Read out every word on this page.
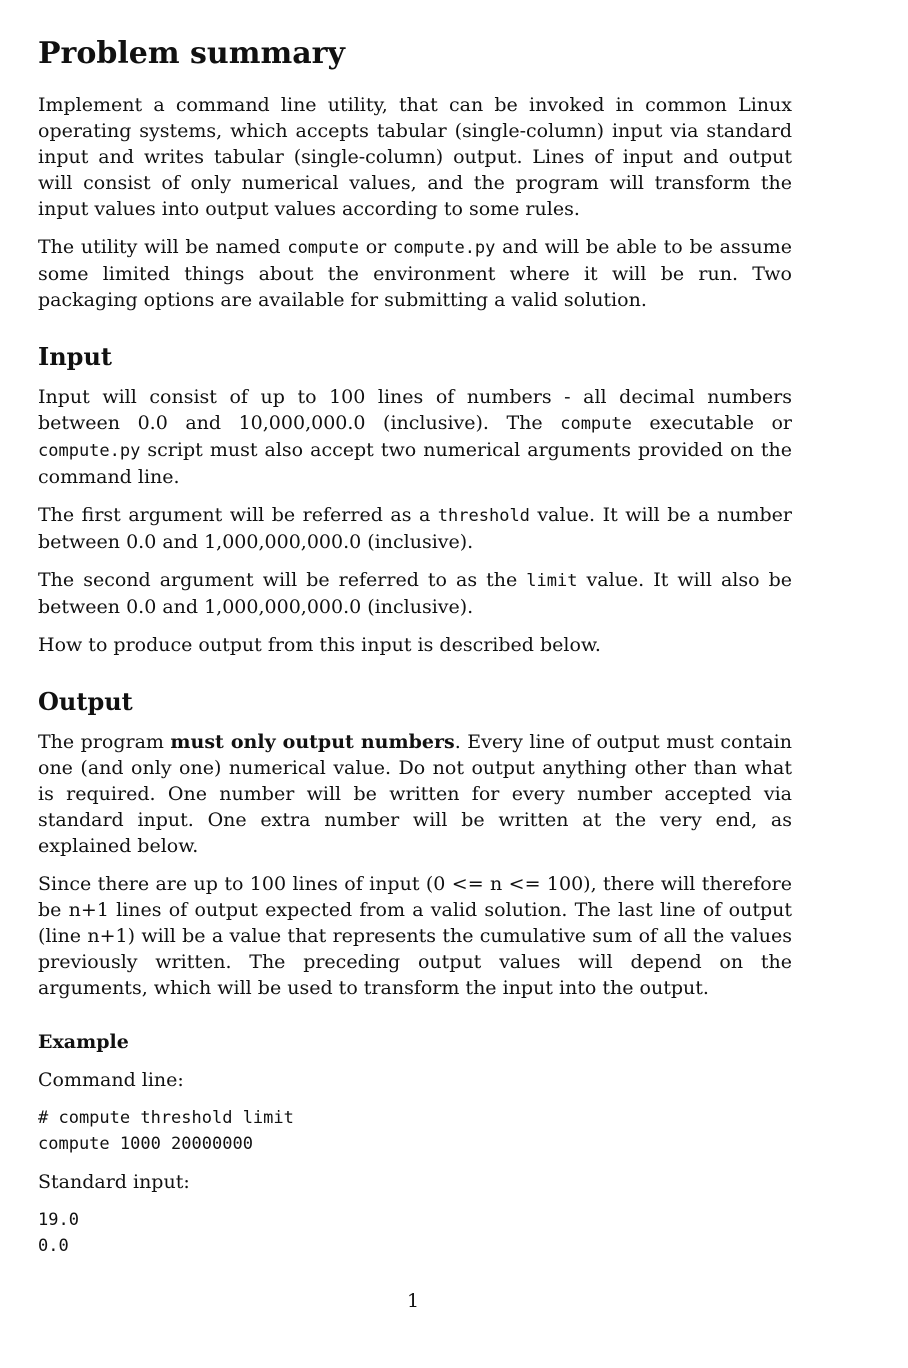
Problem summary

Implement a command line utility, that can be invoked in common Linux operating systems, which accepts tabular (single-column) input via standard input and writes tabular (single-column) output. Lines of input and output will consist of only numerical values, and the program will transform the input values into output values according to some rules.

The utility will be named compute or compute.py and will be able to be assume some limited things about the environment where it will be run. Two packaging options are available for submitting a valid solution.

Input

Input will consist of up to 100 lines of numbers - all decimal numbers between 0.0 and 10,000,000.0 (inclusive). The compute executable or compute.py script must also accept two numerical arguments provided on the command line.

The first argument will be referred as a threshold value. It will be a number between 0.0 and 1,000,000,000.0 (inclusive).

The second argument will be referred to as the limit value. It will also be between 0.0 and 1,000,000,000.0 (inclusive).

How to produce output from this input is described below.

Output

The program must only output numbers. Every line of output must contain one (and only one) numerical value. Do not output anything other than what is required. One number will be written for every number accepted via standard input. One extra number will be written at the very end, as explained below.

Since there are up to 100 lines of input (0 <= n <= 100), there will therefore be n+1 lines of output expected from a valid solution. The last line of output (line n+1) will be a value that represents the cumulative sum of all the values previously written. The preceding output values will depend on the arguments, which will be used to transform the input into the output.

Example

Command line:

# compute threshold limit
compute 1000 20000000

Standard input:

19.0
0.0
1
